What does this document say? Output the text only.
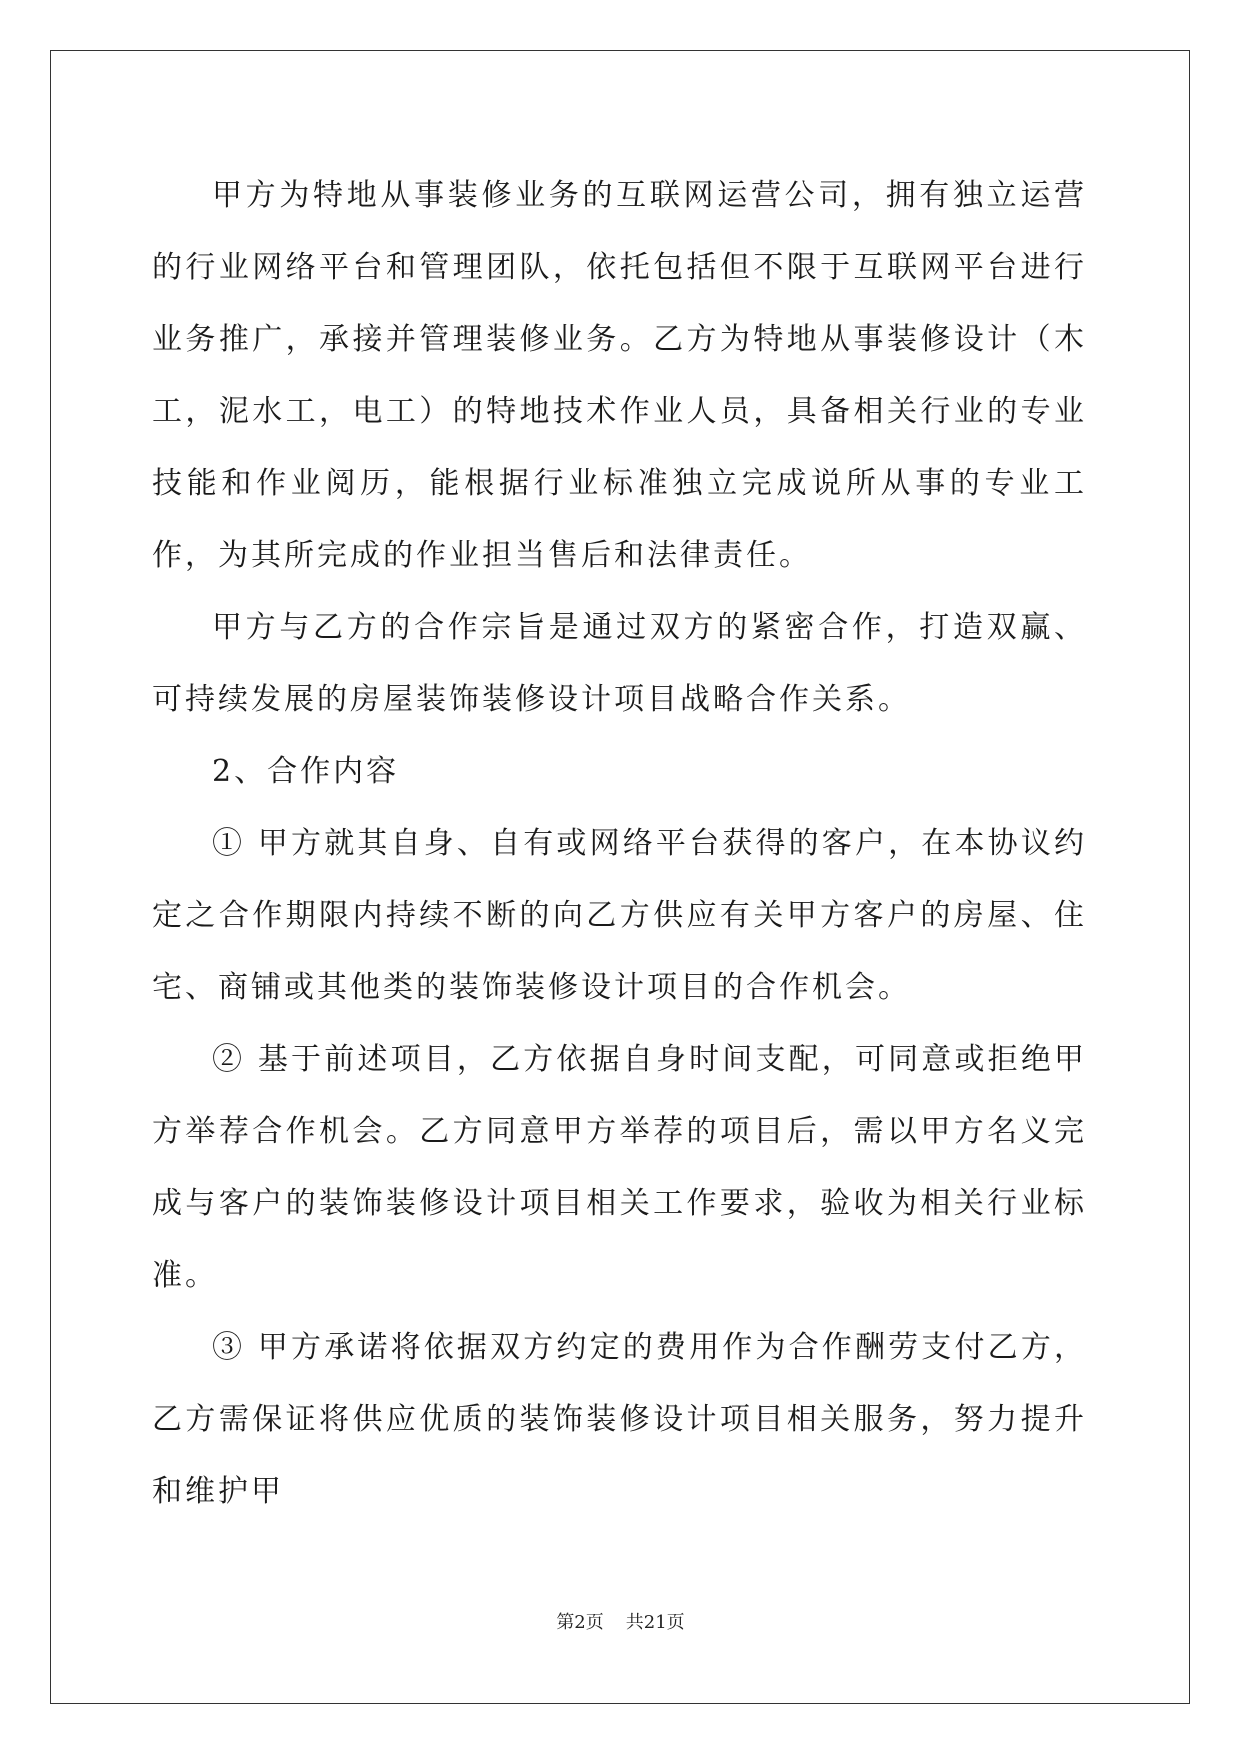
甲方为特地从事装修业务的互联网运营公司，拥有独立运营的行业网络平台和管理团队，依托包括但不限于互联网平台进行业务推广，承接并管理装修业务。乙方为特地从事装修设计（木工，泥水工，电工）的特地技术作业人员，具备相关行业的专业技能和作业阅历，能根据行业标准独立完成说所从事的专业工作，为其所完成的作业担当售后和法律责任。

甲方与乙方的合作宗旨是通过双方的紧密合作，打造双赢、可持续发展的房屋装饰装修设计项目战略合作关系。

2、合作内容

① 甲方就其自身、自有或网络平台获得的客户，在本协议约定之合作期限内持续不断的向乙方供应有关甲方客户的房屋、住宅、商铺或其他类的装饰装修设计项目的合作机会。

② 基于前述项目，乙方依据自身时间支配，可同意或拒绝甲方举荐合作机会。乙方同意甲方举荐的项目后，需以甲方名义完成与客户的装饰装修设计项目相关工作要求，验收为相关行业标准。

③ 甲方承诺将依据双方约定的费用作为合作酬劳支付乙方，乙方需保证将供应优质的装饰装修设计项目相关服务，努力提升和维护甲

第2页 共21页
